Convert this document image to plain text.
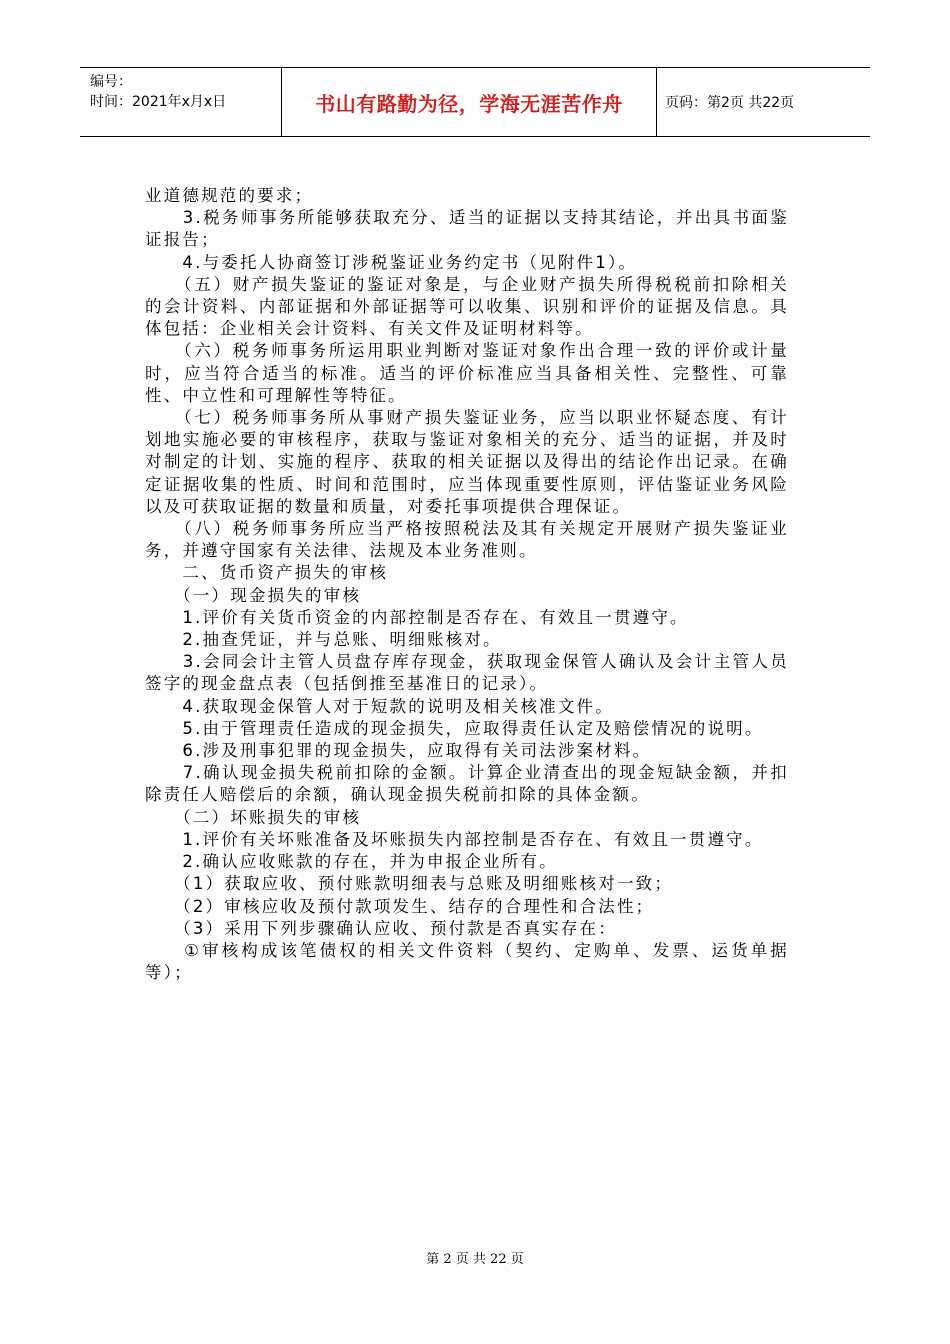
编号：
时间：2021年x月x日	书山有路勤为径，学海无涯苦作舟	页码：第2页 共22页

业道德规范的要求；

　　3.税务师事务所能够获取充分、适当的证据以支持其结论，并出具书面鉴证报告；

　　4.与委托人协商签订涉税鉴证业务约定书（见附件1）。

　　（五）财产损失鉴证的鉴证对象是，与企业财产损失所得税税前扣除相关的会计资料、内部证据和外部证据等可以收集、识别和评价的证据及信息。具体包括：企业相关会计资料、有关文件及证明材料等。

　　（六）税务师事务所运用职业判断对鉴证对象作出合理一致的评价或计量时，应当符合适当的标准。适当的评价标准应当具备相关性、完整性、可靠性、中立性和可理解性等特征。

　　（七）税务师事务所从事财产损失鉴证业务，应当以职业怀疑态度、有计划地实施必要的审核程序，获取与鉴证对象相关的充分、适当的证据，并及时对制定的计划、实施的程序、获取的相关证据以及得出的结论作出记录。在确定证据收集的性质、时间和范围时，应当体现重要性原则，评估鉴证业务风险以及可获取证据的数量和质量，对委托事项提供合理保证。

　　（八）税务师事务所应当严格按照税法及其有关规定开展财产损失鉴证业务，并遵守国家有关法律、法规及本业务准则。

　　二、货币资产损失的审核

　　（一）现金损失的审核

　　1.评价有关货币资金的内部控制是否存在、有效且一贯遵守。

　　2.抽查凭证，并与总账、明细账核对。

　　3.会同会计主管人员盘存库存现金，获取现金保管人确认及会计主管人员签字的现金盘点表（包括倒推至基准日的记录）。

　　4.获取现金保管人对于短款的说明及相关核准文件。

　　5.由于管理责任造成的现金损失，应取得责任认定及赔偿情况的说明。

　　6.涉及刑事犯罪的现金损失，应取得有关司法涉案材料。

　　7.确认现金损失税前扣除的金额。计算企业清查出的现金短缺金额，并扣除责任人赔偿后的余额，确认现金损失税前扣除的具体金额。

　　（二）坏账损失的审核

　　1.评价有关坏账准备及坏账损失内部控制是否存在、有效且一贯遵守。

　　2.确认应收账款的存在，并为申报企业所有。

　　（1）获取应收、预付账款明细表与总账及明细账核对一致；

　　（2）审核应收及预付款项发生、结存的合理性和合法性；

　　（3）采用下列步骤确认应收、预付款是否真实存在：

　　①审核构成该笔债权的相关文件资料（契约、定购单、发票、运货单据等）；

第 2 页 共 22 页
